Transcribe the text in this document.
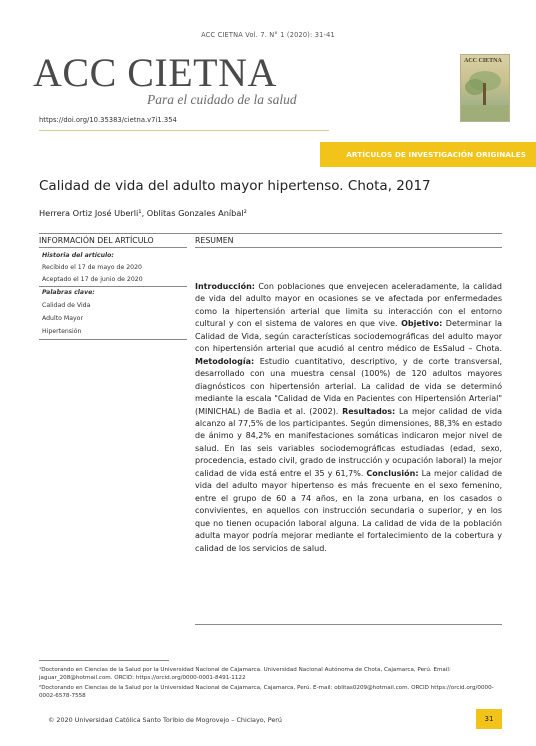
ACC CIETNA Vol. 7. N° 1 (2020): 31-41
ACC CIETNA
Para el cuidado de la salud
https://doi.org/10.35383/cietna.v7i1.354
ACC CIETNA
ARTÍCULOS DE INVESTIGACIÓN ORIGINALES
Calidad de vida del adulto mayor hipertenso. Chota, 2017
Herrera Ortiz José Uberli¹, Oblitas Gonzales Aníbal²
INFORMACIÓN DEL ARTÍCULO	RESUMEN
Historia del artículo:
Recibido el 17 de mayo de 2020
Aceptado el 17 de junio de 2020
Palabras clave:
Calidad de Vida
Adulto Mayor
Hipertensión
Introducción: Con poblaciones que envejecen aceleradamente, la calidad de vida del adulto mayor en ocasiones se ve afectada por enfermedades como la hipertensión arterial que limita su interacción con el entorno cultural y con el sistema de valores en que vive. Objetivo: Determinar la Calidad de Vida, según características sociodemográficas del adulto mayor con hipertensión arterial que acudió al centro médico de EsSalud – Chota. Metodología: Estudio cuantitativo, descriptivo, y de corte transversal, desarrollado con una muestra censal (100%) de 120 adultos mayores diagnósticos con hipertensión arterial. La calidad de vida se determinó mediante la escala "Calidad de Vida en Pacientes con Hipertensión Arterial" (MINICHAL) de Badia et al. (2002). Resultados: La mejor calidad de vida alcanzo al 77,5% de los participantes. Según dimensiones, 88,3% en estado de ánimo y 84,2% en manifestaciones somáticas indicaron mejor nivel de salud. En las seis variables sociodemográficas estudiadas (edad, sexo, procedencia, estado civil, grado de instrucción y ocupación laboral) la mejor calidad de vida está entre el 35 y 61,7%. Conclusión: La mejor calidad de vida del adulto mayor hipertenso es más frecuente en el sexo femenino, entre el grupo de 60 a 74 años, en la zona urbana, en los casados o convivientes, en aquellos con instrucción secundaria o superior, y en los que no tienen ocupación laboral alguna. La calidad de vida de la población adulta mayor podría mejorar mediante el fortalecimiento de la cobertura y calidad de los servicios de salud.
¹Doctorando en Ciencias de la Salud por la Universidad Nacional de Cajamarca. Universidad Nacional Autónoma de Chota, Cajamarca, Perú. Email: jaguar_208@hotmail.com. ORCID: https://orcid.org/0000-0001-8491-1122
²Doctorando en Ciencias de la Salud por la Universidad Nacional de Cajamarca, Cajamarca, Perú. E-mail: oblitas0209@hotmail.com. ORCID https://orcid.org/0000-0002-6578-7558
© 2020 Universidad Católica Santo Toribio de Mogrovejo – Chiclayo, Perú	31
